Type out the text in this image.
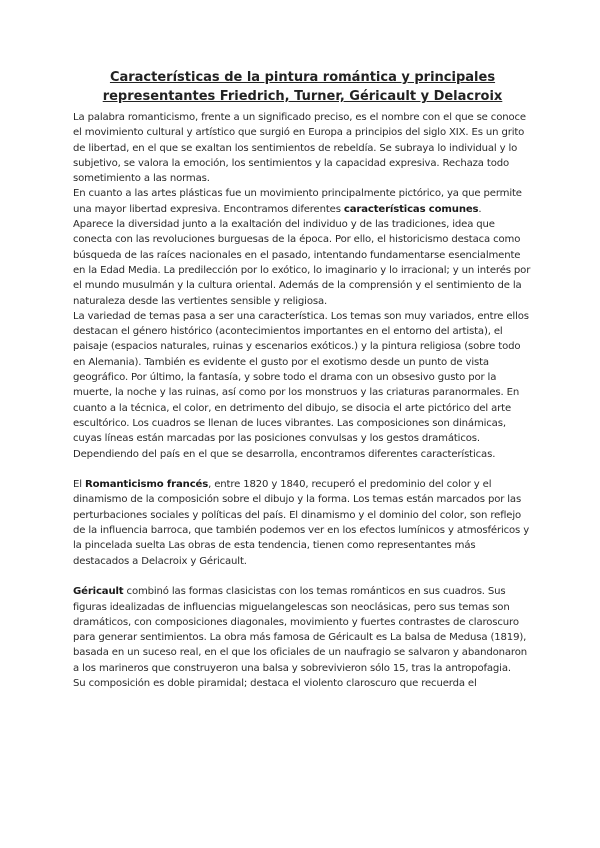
Características de la pintura romántica y principales representantes Friedrich, Turner, Géricault y Delacroix

La palabra romanticismo, frente a un significado preciso, es el nombre con el que se conoce el movimiento cultural y artístico que surgió en Europa a principios del siglo XIX. Es un grito de libertad, en el que se exaltan los sentimientos de rebeldía. Se subraya lo individual y lo subjetivo, se valora la emoción, los sentimientos y la capacidad expresiva. Rechaza todo sometimiento a las normas.

En cuanto a las artes plásticas fue un movimiento principalmente pictórico, ya que permite una mayor libertad expresiva. Encontramos diferentes características comunes.

Aparece la diversidad junto a la exaltación del individuo y de las tradiciones, idea que conecta con las revoluciones burguesas de la época. Por ello, el historicismo destaca como búsqueda de las raíces nacionales en el pasado, intentando fundamentarse esencialmente en la Edad Media. La predilección por lo exótico, lo imaginario y lo irracional; y un interés por el mundo musulmán y la cultura oriental. Además de la comprensión y el sentimiento de la naturaleza desde las vertientes sensible y religiosa.

La variedad de temas pasa a ser una característica. Los temas son muy variados, entre ellos destacan el género histórico (acontecimientos importantes en el entorno del artista), el paisaje (espacios naturales, ruinas y escenarios exóticos.) y la pintura religiosa (sobre todo en Alemania). También es evidente el gusto por el exotismo desde un punto de vista geográfico. Por último, la fantasía, y sobre todo el drama con un obsesivo gusto por la muerte, la noche y las ruinas, así como por los monstruos y las criaturas paranormales. En cuanto a la técnica, el color, en detrimento del dibujo, se disocia el arte pictórico del arte escultórico. Los cuadros se llenan de luces vibrantes. Las composiciones son dinámicas, cuyas líneas están marcadas por las posiciones convulsas y los gestos dramáticos.

Dependiendo del país en el que se desarrolla, encontramos diferentes características.

El Romanticismo francés, entre 1820 y 1840, recuperó el predominio del color y el dinamismo de la composición sobre el dibujo y la forma. Los temas están marcados por las perturbaciones sociales y políticas del país. El dinamismo y el dominio del color, son reflejo de la influencia barroca, que también podemos ver en los efectos lumínicos y atmosféricos y la pincelada suelta Las obras de esta tendencia, tienen como representantes más destacados a Delacroix y Géricault.

Géricault combinó las formas clasicistas con los temas románticos en sus cuadros. Sus figuras idealizadas de influencias miguelangelescas son neoclásicas, pero sus temas son dramáticos, con composiciones diagonales, movimiento y fuertes contrastes de claroscuro para generar sentimientos. La obra más famosa de Géricault es La balsa de Medusa (1819), basada en un suceso real, en el que los oficiales de un naufragio se salvaron y abandonaron a los marineros que construyeron una balsa y sobrevivieron sólo 15, tras la antropofagia.

Su composición es doble piramidal; destaca el violento claroscuro que recuerda el
